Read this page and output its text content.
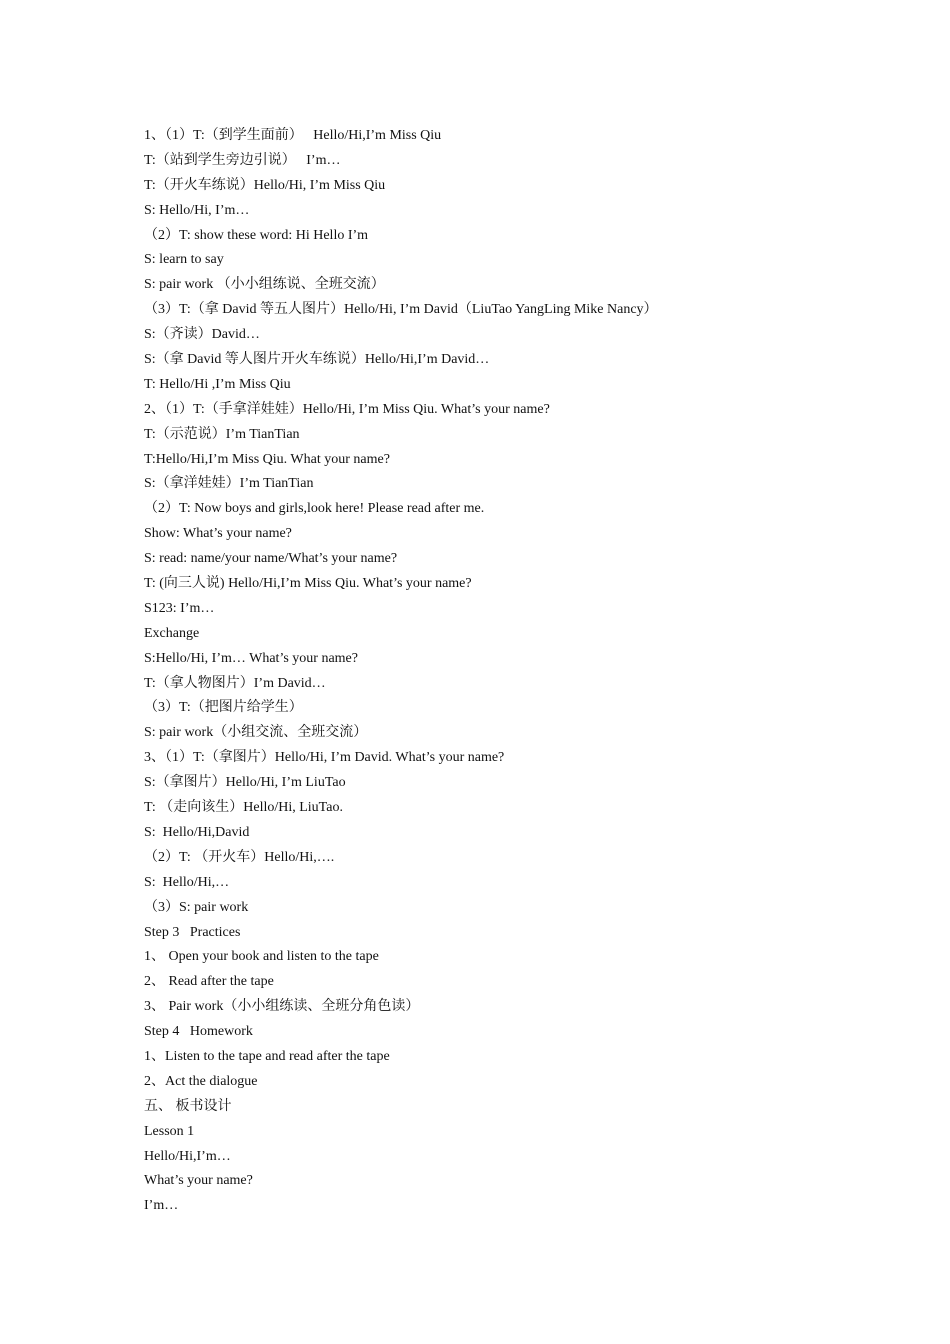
1、（1）T:（到学生面前）   Hello/Hi,I’m Miss Qiu
T:（站到学生旁边引说）   I’m…
T:（开火车练说）Hello/Hi, I’m Miss Qiu
S: Hello/Hi, I’m…
（2）T: show these word: Hi Hello I’m
S: learn to say
S: pair work （小小组练说、全班交流）
（3）T:（拿 David 等五人图片）Hello/Hi, I’m David（LiuTao YangLing Mike Nancy）
S:（齐读）David…
S:（拿 David 等人图片开火车练说）Hello/Hi,I’m David…
T: Hello/Hi ,I’m Miss Qiu
2、（1）T:（手拿洋娃娃）Hello/Hi, I’m Miss Qiu. What’s your name?
T:（示范说）I’m TianTian
T:Hello/Hi,I’m Miss Qiu. What your name?
S:（拿洋娃娃）I’m TianTian
（2）T: Now boys and girls,look here! Please read after me.
Show: What’s your name?
S: read: name/your name/What’s your name?
T: (向三人说) Hello/Hi,I’m Miss Qiu. What’s your name?
S123: I’m…
Exchange
S:Hello/Hi, I’m… What’s your name?
T:（拿人物图片）I’m David…
（3）T:（把图片给学生）
S: pair work（小组交流、全班交流）
3、（1）T:（拿图片）Hello/Hi, I’m David. What’s your name?
S:（拿图片）Hello/Hi, I’m LiuTao
T: （走向该生）Hello/Hi, LiuTao.
S:  Hello/Hi,David
（2）T: （开火车）Hello/Hi,….
S:  Hello/Hi,…
（3）S: pair work
Step 3   Practices
1、 Open your book and listen to the tape
2、 Read after the tape
3、 Pair work（小小组练读、全班分角色读）
Step 4   Homework
1、Listen to the tape and read after the tape
2、Act the dialogue
五、 板书设计
Lesson 1
Hello/Hi,I’m…
What’s your name?
I’m…
